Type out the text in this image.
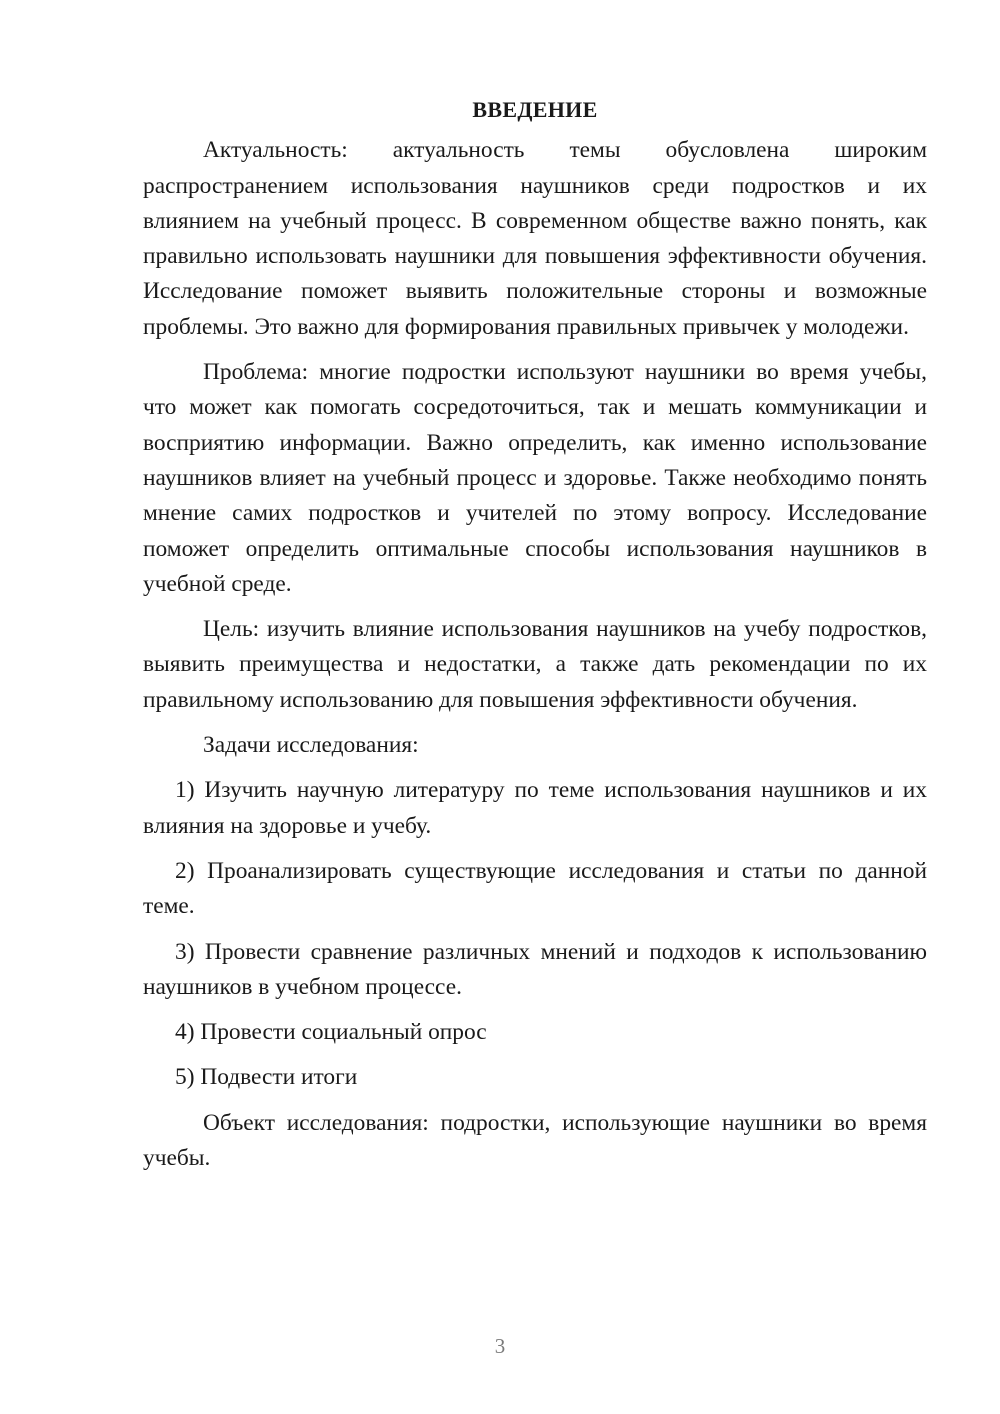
ВВЕДЕНИЕ

Актуальность: актуальность темы обусловлена широким распространением использования наушников среди подростков и их влиянием на учебный процесс. В современном обществе важно понять, как правильно использовать наушники для повышения эффективности обучения. Исследование поможет выявить положительные стороны и возможные проблемы. Это важно для формирования правильных привычек у молодежи.

Проблема: многие подростки используют наушники во время учебы, что может как помогать сосредоточиться, так и мешать коммуникации и восприятию информации. Важно определить, как именно использование наушников влияет на учебный процесс и здоровье. Также необходимо понять мнение самих подростков и учителей по этому вопросу. Исследование поможет определить оптимальные способы использования наушников в учебной среде.

Цель: изучить влияние использования наушников на учебу подростков, выявить преимущества и недостатки, а также дать рекомендации по их правильному использованию для повышения эффективности обучения.

Задачи исследования:

1) Изучить научную литературу по теме использования наушников и их влияния на здоровье и учебу.

2) Проанализировать существующие исследования и статьи по данной теме.

3) Провести сравнение различных мнений и подходов к использованию наушников в учебном процессе.

4) Провести социальный опрос

5) Подвести итоги

Объект исследования: подростки, использующие наушники во время учебы.

3
